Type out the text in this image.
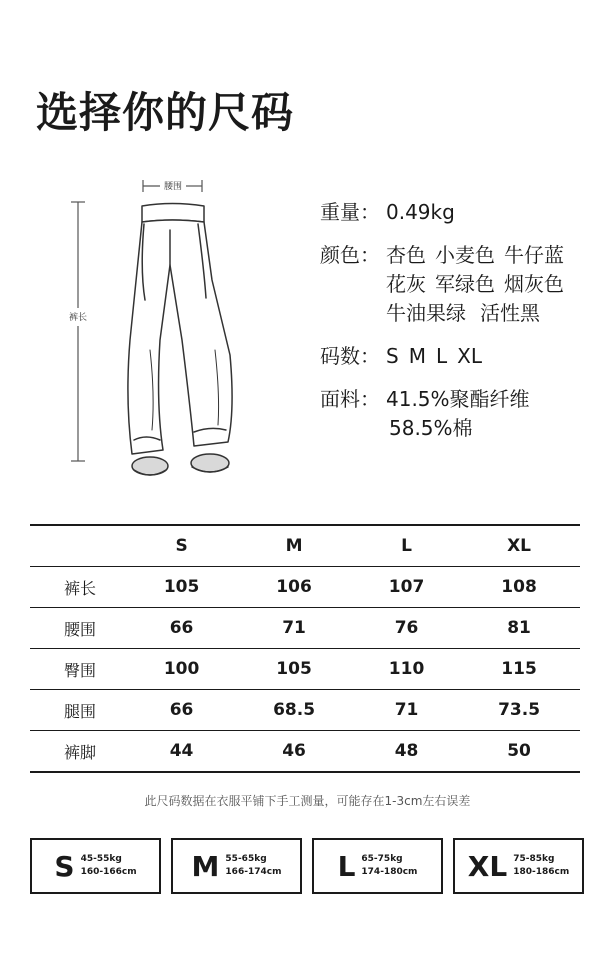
选择你的尺码
腰围
裤长
重量 ： 0.49kg
颜色 ： 杏色 小麦色 牛仔蓝
花灰 军绿色 烟灰色
牛油果绿 活性黑
码数 ： S M L XL
面料 ： 41.5%聚酯纤维
58.5%棉
	S	M	L	XL
裤长	105	106	107	108
腰围	66	71	76	81
臀围	100	105	110	115
腿围	66	68.5	71	73.5
裤脚	44	46	48	50
此尺码数据在衣服平铺下手工测量，可能存在1-3cm左右误差
S 45-55kg
160-166cm M 55-65kg
166-174cm L 65-75kg
174-180cm XL 75-85kg
180-186cm
